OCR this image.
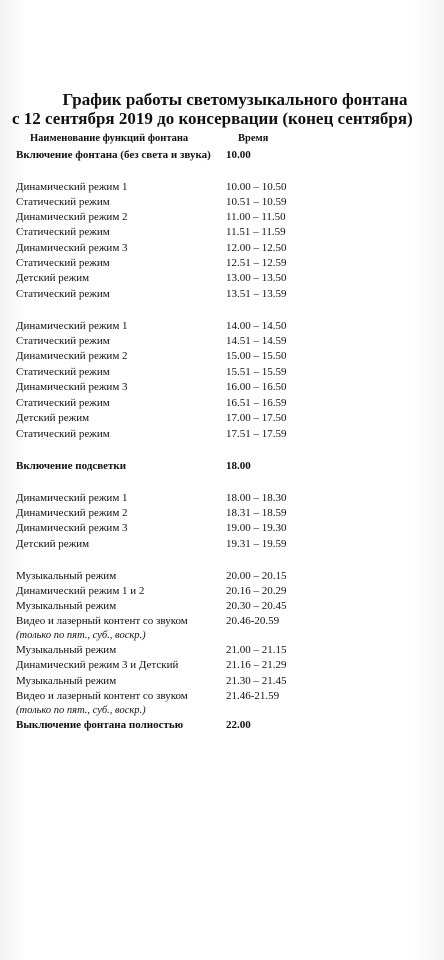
График работы светомузыкального фонтана
с 12 сентября 2019 до консервации (конец сентября)
Наименование функций фонтана	Время
Включение фонтана (без света и звука) 10.00
Динамический режим 1	10.00 – 10.50
Статический режим	10.51 – 10.59
Динамический режим 2	11.00 – 11.50
Статический режим	11.51 – 11.59
Динамический режим 3	12.00 – 12.50
Статический режим	12.51 – 12.59
Детский режим	13.00 – 13.50
Статический режим	13.51 – 13.59
Динамический режим 1	14.00 – 14.50
Статический режим	14.51 – 14.59
Динамический режим 2	15.00 – 15.50
Статический режим	15.51 – 15.59
Динамический режим 3	16.00 – 16.50
Статический режим	16.51 – 16.59
Детский режим	17.00 – 17.50
Статический режим	17.51 – 17.59
Включение подсветки	18.00
Динамический режим 1	18.00 – 18.30
Динамический режим 2	18.31 – 18.59
Динамический режим 3	19.00 – 19.30
Детский режим	19.31 – 19.59
Музыкальный режим	20.00 – 20.15
Динамический режим 1 и 2	20.16 – 20.29
Музыкальный режим	20.30 – 20.45
Видео и лазерный контент со звуком	20.46-20.59
(только по пят., суб., воскр.)
Музыкальный режим	21.00 – 21.15
Динамический режим 3 и Детский	21.16 – 21.29
Музыкальный режим	21.30 – 21.45
Видео и лазерный контент со звуком	21.46-21.59
(только по пят., суб., воскр.)
Выключение фонтана полностью	22.00
